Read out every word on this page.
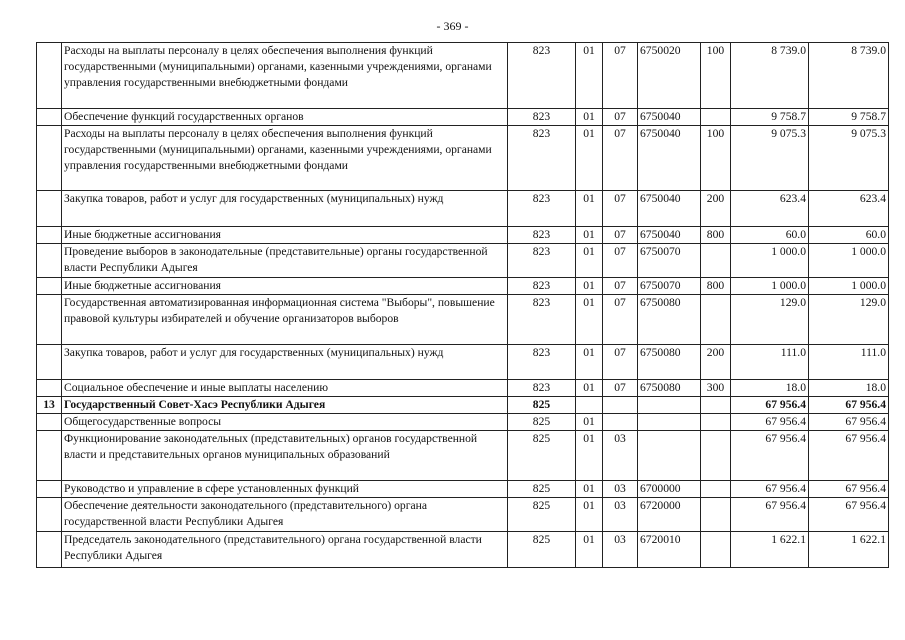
- 369 -
	Расходы на выплаты персоналу в целях обеспечения выполнения функций государственными (муниципальными) органами, казенными учреждениями, органами управления государственными внебюджетными фондами	823	01	07	6750020	100	8 739.0	8 739.0
	Обеспечение функций государственных органов	823	01	07	6750040		9 758.7	9 758.7
	Расходы на выплаты персоналу в целях обеспечения выполнения функций государственными (муниципальными) органами, казенными учреждениями, органами управления государственными внебюджетными фондами	823	01	07	6750040	100	9 075.3	9 075.3
	Закупка товаров, работ и услуг для государственных (муниципальных) нужд	823	01	07	6750040	200	623.4	623.4
	Иные бюджетные ассигнования	823	01	07	6750040	800	60.0	60.0
	Проведение выборов в законодательные (представительные) органы государственной власти Республики Адыгея	823	01	07	6750070		1 000.0	1 000.0
	Иные бюджетные ассигнования	823	01	07	6750070	800	1 000.0	1 000.0
	Государственная автоматизированная информационная система "Выборы", повышение правовой культуры избирателей и обучение организаторов выборов	823	01	07	6750080		129.0	129.0
	Закупка товаров, работ и услуг для государственных (муниципальных) нужд	823	01	07	6750080	200	111.0	111.0
	Социальное обеспечение и иные выплаты населению	823	01	07	6750080	300	18.0	18.0
13	Государственный Совет-Хасэ Республики Адыгея	825					67 956.4	67 956.4
	Общегосударственные вопросы	825	01				67 956.4	67 956.4
	Функционирование законодательных (представительных) органов государственной власти и представительных органов муниципальных образований	825	01	03			67 956.4	67 956.4
	Руководство и управление в сфере установленных функций	825	01	03	6700000		67 956.4	67 956.4
	Обеспечение деятельности законодательного (представительного) органа государственной власти Республики Адыгея	825	01	03	6720000		67 956.4	67 956.4
	Председатель законодательного (представительного) органа государственной власти Республики Адыгея	825	01	03	6720010		1 622.1	1 622.1
